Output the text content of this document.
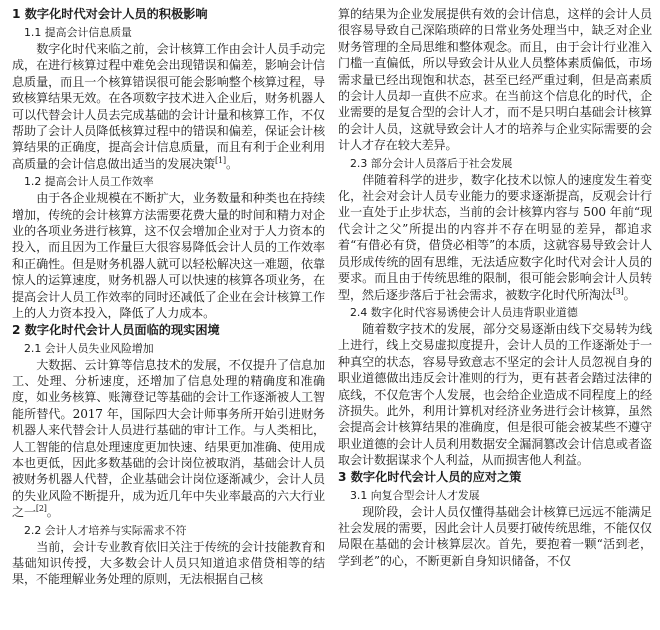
1 数字化时代对会计人员的积极影响
1.1 提高会计信息质量

数字化时代来临之前，会计核算工作由会计人员手动完成，在进行核算过程中难免会出现错误和偏差，影响会计信息质量，而且一个核算错误很可能会影响整个核算过程，导致核算结果无效。在各项数字技术进入企业后，财务机器人可以代替会计人员去完成基础的会计计量和核算工作，不仅帮助了会计人员降低核算过程中的错误和偏差，保证会计核算结果的正确度，提高会计信息质量，而且有利于企业利用高质量的会计信息做出适当的发展决策[1]。

1.2 提高会计人员工作效率

由于各企业规模在不断扩大，业务数量和种类也在持续增加，传统的会计核算方法需要花费大量的时间和精力对企业的各项业务进行核算，这不仅会增加企业对于人力资本的投入，而且因为工作量巨大很容易降低会计人员的工作效率和正确性。但是财务机器人就可以轻松解决这一难题，依靠惊人的运算速度，财务机器人可以快速的核算各项业务，在提高会计人员工作效率的同时还减低了企业在会计核算工作上的人力资本投入，降低了人力成本。

2 数字化时代会计人员面临的现实困境
2.1 会计人员失业风险增加

大数据、云计算等信息技术的发展，不仅提升了信息加工、处理、分析速度，还增加了信息处理的精确度和准确度，如业务核算、账簿登记等基础的会计工作逐渐被人工智能所替代。2017 年，国际四大会计师事务所开始引进财务机器人来代替会计人员进行基础的审计工作。与人类相比，人工智能的信息处理速度更加快速、结果更加准确、使用成本也更低，因此多数基础的会计岗位被取消，基础会计人员被财务机器人代替，企业基础会计岗位逐渐减少，会计人员的失业风险不断提升，成为近几年中失业率最高的六大行业之一[2]。

2.2 会计人才培养与实际需求不符

当前，会计专业教育依旧关注于传统的会计技能教育和基础知识传授，大多数会计人员只知道追求借贷相等的结果，不能理解业务处理的原则，无法根据自己核

算的结果为企业发展提供有效的会计信息，这样的会计人员很容易导致自己深陷琐碎的日常业务处理当中，缺乏对企业财务管理的全局思维和整体观念。而且，由于会计行业准入门槛一直偏低，所以导致会计从业人员整体素质偏低，市场需求量已经出现饱和状态，甚至已经严重过剩，但是高素质的会计人员却一直供不应求。在当前这个信息化的时代，企业需要的是复合型的会计人才，而不是只明白基础会计核算的会计人员，这就导致会计人才的培养与企业实际需要的会计人才存在较大差异。

2.3 部分会计人员落后于社会发展

伴随着科学的进步，数字化技术以惊人的速度发生着变化，社会对会计人员专业能力的要求逐渐提高，反观会计行业一直处于止步状态，当前的会计核算内容与 500 年前“现代会计之父”所提出的内容并不存在明显的差异，都追求着“有借必有贷，借贷必相等”的本质，这就容易导致会计人员形成传统的固有思维，无法适应数字化时代对会计人员的要求。而且由于传统思维的限制，很可能会影响会计人员转型，然后逐步落后于社会需求，被数字化时代所淘汰[3]。

2.4 数字化时代容易诱使会计人员违背职业道德

随着数字技术的发展，部分交易逐渐由线下交易转为线上进行，线上交易虚拟度提升，会计人员的工作逐渐处于一种真空的状态，容易导致意志不坚定的会计人员忽视自身的职业道德做出违反会计准则的行为，更有甚者会踏过法律的底线，不仅危害个人发展，也会给企业造成不同程度上的经济损失。此外，利用计算机对经济业务进行会计核算，虽然会提高会计核算结果的准确度，但是很可能会被某些不遵守职业道德的会计人员利用数据安全漏洞篡改会计信息或者盗取会计数据谋求个人利益，从而损害他人利益。

3 数字化时代会计人员的应对之策
3.1 向复合型会计人才发展

现阶段，会计人员仅懂得基础会计核算已远远不能满足社会发展的需要，因此会计人员要打破传统思维，不能仅仅局限在基础的会计核算层次。首先，要抱着一颗“活到老，学到老”的心，不断更新自身知识储备，不仅
